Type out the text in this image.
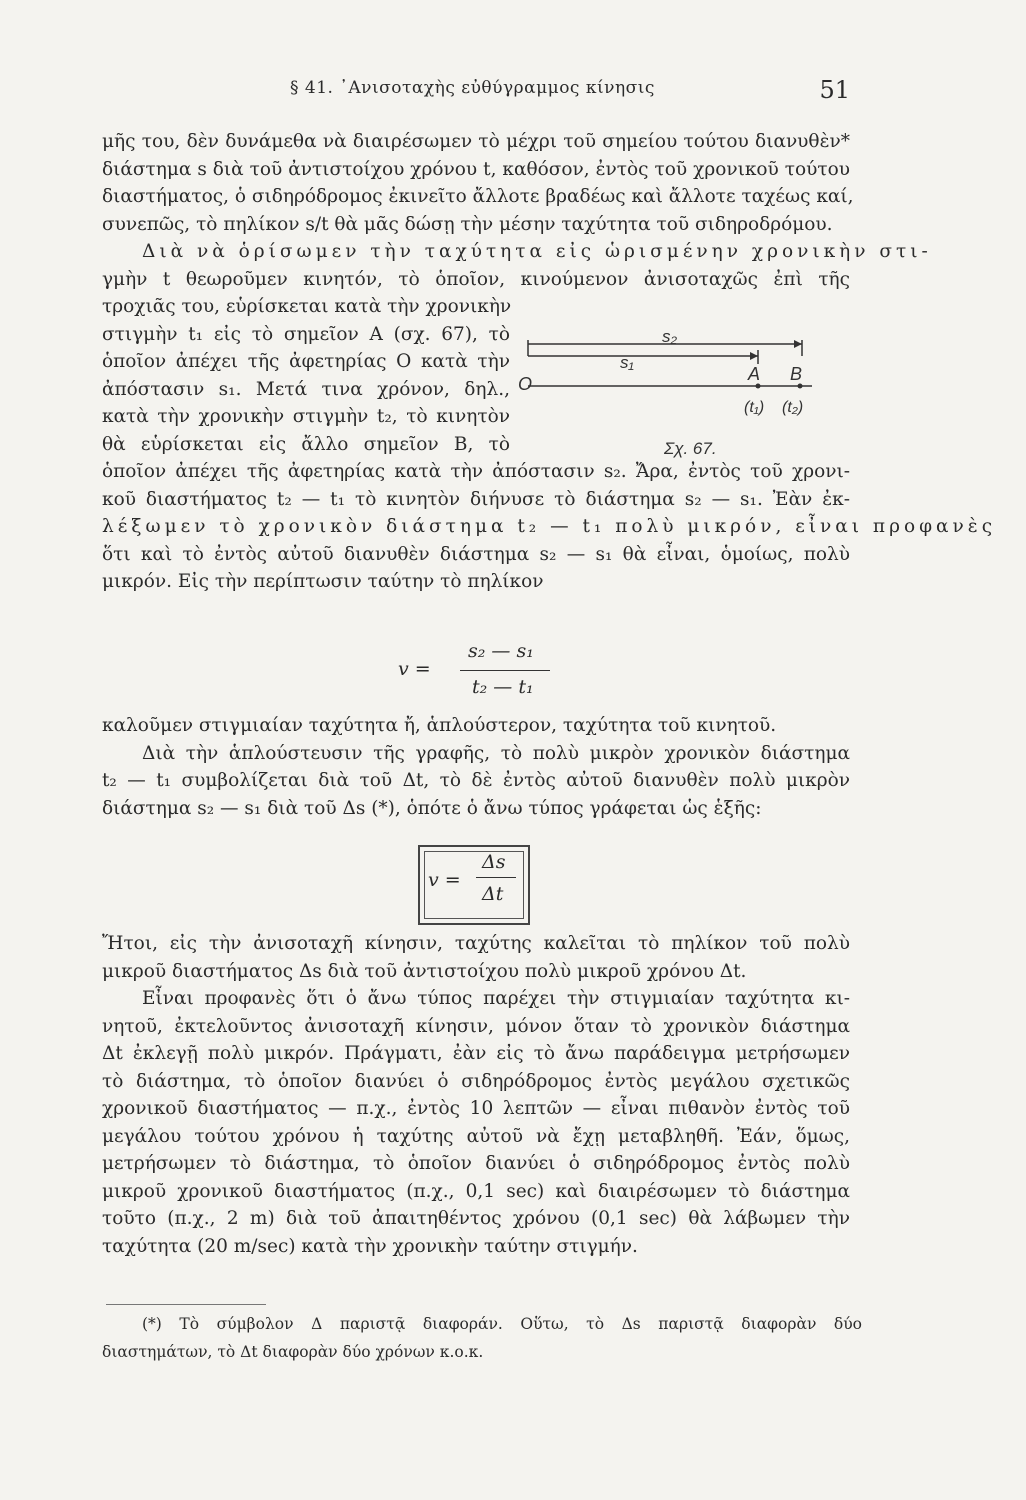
§ 41. ᾿Ανισοταχὴς εὐθύγραμμος κίνησις	51
μῆς του, δὲν δυνάμεθα νὰ διαιρέσωμεν τὸ μέχρι τοῦ σημείου τούτου διανυθὲν*
διάστημα s διὰ τοῦ ἀντιστοίχου χρόνου t, καθόσον, ἐντὸς τοῦ χρονικοῦ τούτου
διαστήματος, ὁ σιδηρόδρομος ἐκινεῖτο ἄλλοτε βραδέως καὶ ἄλλοτε ταχέως καί,
συνεπῶς, τὸ πηλίκον s/t θὰ μᾶς δώσῃ τὴν μέσην ταχύτητα τοῦ σιδηροδρόμου.
Διὰ νὰ ὁρίσωμεν τὴν ταχύτητα εἰς ὡρισμένην χρονικὴν στι-
γμὴν t θεωροῦμεν κινητόν, τὸ ὁποῖον, κινούμενον ἀνισοταχῶς ἐπὶ τῆς
τροχιᾶς του, εὑρίσκεται κατὰ τὴν χρονικὴν
στιγμὴν t₁ εἰς τὸ σημεῖον A (σχ. 67), τὸ
ὁποῖον ἀπέχει τῆς ἀφετηρίας O κατὰ τὴν
ἀπόστασιν s₁. Μετά τινα χρόνον, δηλ.,
κατὰ τὴν χρονικὴν στιγμὴν t₂, τὸ κινητὸν
θὰ εὑρίσκεται εἰς ἄλλο σημεῖον B, τὸ
s₂
s₁
O	A B
(t₁) (t₂)
Σχ. 67.
ὁποῖον ἀπέχει τῆς ἀφετηρίας κατὰ τὴν ἀπόστασιν s₂. Ἄρα, ἐντὸς τοῦ χρονι-
κοῦ διαστήματος t₂ — t₁ τὸ κινητὸν διήνυσε τὸ διάστημα s₂ — s₁. Ἐὰν ἐκ-
λέξωμεν τὸ χρονικὸν διάστημα t₂ — t₁ πολὺ μικρόν, εἶναι προφανὲς
ὅτι καὶ τὸ ἐντὸς αὐτοῦ διανυθὲν διάστημα s₂ — s₁ θὰ εἶναι, ὁμοίως, πολὺ
μικρόν. Εἰς τὴν περίπτωσιν ταύτην τὸ πηλίκον
v =
s₂ — s₁
t₂ — t₁
καλοῦμεν στιγμιαίαν ταχύτητα ἤ, ἁπλούστερον, ταχύτητα τοῦ κινητοῦ.
Διὰ τὴν ἁπλούστευσιν τῆς γραφῆς, τὸ πολὺ μικρὸν χρονικὸν διάστημα
t₂ — t₁ συμβολίζεται διὰ τοῦ Δt, τὸ δὲ ἐντὸς αὐτοῦ διανυθὲν πολὺ μικρὸν
διάστημα s₂ — s₁ διὰ τοῦ Δs (*), ὁπότε ὁ ἄνω τύπος γράφεται ὡς ἑξῆς:
v =
Δs
Δt
Ἤτοι, εἰς τὴν ἀνισοταχῆ κίνησιν, ταχύτης καλεῖται τὸ πηλίκον τοῦ πολὺ
μικροῦ διαστήματος Δs διὰ τοῦ ἀντιστοίχου πολὺ μικροῦ χρόνου Δt.
Εἶναι προφανὲς ὅτι ὁ ἄνω τύπος παρέχει τὴν στιγμιαίαν ταχύτητα κι-
νητοῦ, ἐκτελοῦντος ἀνισοταχῆ κίνησιν, μόνον ὅταν τὸ χρονικὸν διάστημα
Δt ἐκλεγῇ πολὺ μικρόν. Πράγματι, ἐὰν εἰς τὸ ἄνω παράδειγμα μετρήσωμεν
τὸ διάστημα, τὸ ὁποῖον διανύει ὁ σιδηρόδρομος ἐντὸς μεγάλου σχετικῶς
χρονικοῦ διαστήματος — π.χ., ἐντὸς 10 λεπτῶν — εἶναι πιθανὸν ἐντὸς τοῦ
μεγάλου τούτου χρόνου ἡ ταχύτης αὐτοῦ νὰ ἔχῃ μεταβληθῆ. Ἐάν, ὅμως,
μετρήσωμεν τὸ διάστημα, τὸ ὁποῖον διανύει ὁ σιδηρόδρομος ἐντὸς πολὺ
μικροῦ χρονικοῦ διαστήματος (π.χ., 0,1 sec) καὶ διαιρέσωμεν τὸ διάστημα
τοῦτο (π.χ., 2 m) διὰ τοῦ ἀπαιτηθέντος χρόνου (0,1 sec) θὰ λάβωμεν τὴν
ταχύτητα (20 m/sec) κατὰ τὴν χρονικὴν ταύτην στιγμήν.
(*) Τὸ σύμβολον Δ παριστᾷ διαφοράν. Οὕτω, τὸ Δs παριστᾷ διαφορὰν δύο
διαστημάτων, τὸ Δt διαφορὰν δύο χρόνων κ.ο.κ.
